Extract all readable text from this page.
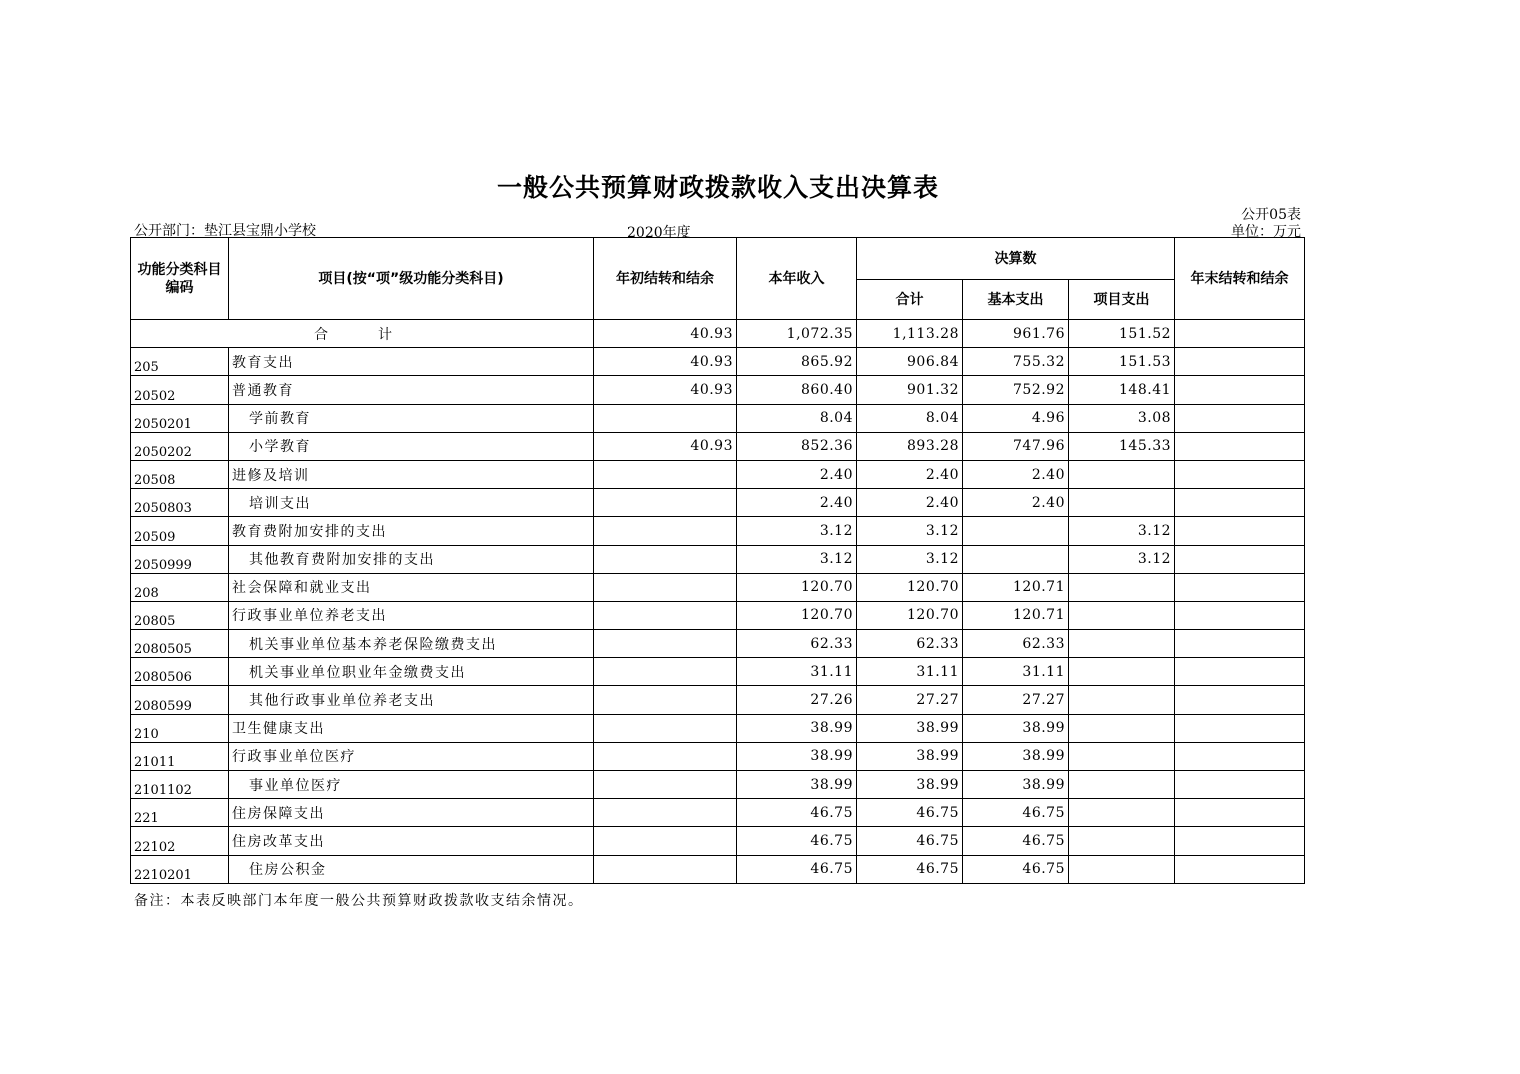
一般公共预算财政拨款收入支出决算表
公开部门：垫江县宝鼎小学校	2020年度
公开05表
单位：万元
功能分类科目编码	项目(按“项”级功能分类科目)	年初结转和结余	本年收入	决算数			年末结转和结余
				合计	基本支出	项目支出	
合　计		40.93	1,072.35	1,113.28	961.76	151.52	
205	教育支出	40.93	865.92	906.84	755.32	151.53	
20502	普通教育	40.93	860.40	901.32	752.92	148.41	
2050201	学前教育		8.04	8.04	4.96	3.08	
2050202	小学教育	40.93	852.36	893.28	747.96	145.33	
20508	进修及培训		2.40	2.40	2.40		
2050803	培训支出		2.40	2.40	2.40		
20509	教育费附加安排的支出		3.12	3.12		3.12	
2050999	其他教育费附加安排的支出		3.12	3.12		3.12	
208	社会保障和就业支出		120.70	120.70	120.71		
20805	行政事业单位养老支出		120.70	120.70	120.71		
2080505	机关事业单位基本养老保险缴费支出		62.33	62.33	62.33		
2080506	机关事业单位职业年金缴费支出		31.11	31.11	31.11		
2080599	其他行政事业单位养老支出		27.26	27.27	27.27		
210	卫生健康支出		38.99	38.99	38.99		
21011	行政事业单位医疗		38.99	38.99	38.99		
2101102	事业单位医疗		38.99	38.99	38.99		
221	住房保障支出		46.75	46.75	46.75		
22102	住房改革支出		46.75	46.75	46.75		
2210201	住房公积金		46.75	46.75	46.75		
备注：本表反映部门本年度一般公共预算财政拨款收支结余情况。
